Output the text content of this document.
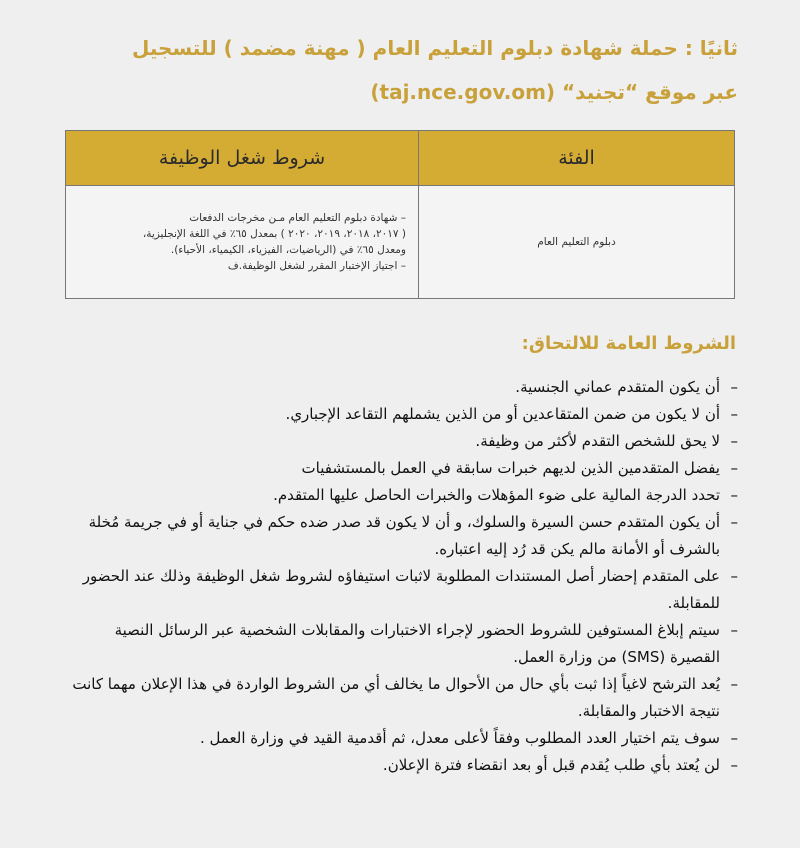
ثانيًا : حملة شهادة دبلوم التعليم العام ( مهنة مضمد ) للتسجيل
عبر موقع “تجنيد“ (taj.nce.gov.om)
الفئة	شروط شغل الوظيفة
دبلوم التعليم العام	– شهادة دبلوم التعليم العام مـن مخرجات الدفعات
( ٢٠١٧، ٢٠١٨، ٢٠١٩، ٢٠٢٠ ) بمعدل ٦٥٪ في اللغة الإنجليزية،
ومعدل ٦٥٪ في (الرياضيات، الفيزياء، الكيمياء، الأحياء).
– اجتياز الإختبار المقرر لشغل الوظيفة.ف
الشروط العامة للالتحاق:
– أن يكون المتقدم عماني الجنسية.
– أن لا يكون من ضمن المتقاعدين أو من الذين يشملهم التقاعد الإجباري.
– لا يحق للشخص التقدم لأكثر من وظيفة.
– يفضل المتقدمين الذين لديهم خبرات سابقة في العمل بالمستشفيات
– تحدد الدرجة المالية على ضوء المؤهلات والخبرات الحاصل عليها المتقدم.
– أن يكون المتقدم حسن السيرة والسلوك، و أن لا يكون قد صدر ضده حكم في جناية أو في جريمة مُخلة بالشرف أو الأمانة مالم يكن قد رُد إليه اعتباره.
– على المتقدم إحضار أصل المستندات المطلوبة لاثبات استيفاؤه لشروط شغل الوظيفة وذلك عند الحضور للمقابلة.
– سيتم إبلاغ المستوفين للشروط الحضور لإجراء الاختبارات والمقابلات الشخصية عبر الرسائل النصية القصيرة (SMS) من وزارة العمل.
– يُعد الترشح لاغياً إذا ثبت بأي حال من الأحوال ما يخالف أي من الشروط الواردة في هذا الإعلان مهما كانت نتيجة الاختبار والمقابلة.
– سوف يتم اختيار العدد المطلوب وفقاً لأعلى معدل، ثم أقدمية القيد في وزارة العمل .
– لن يُعتد بأي طلب يُقدم قبل أو بعد انقضاء فترة الإعلان.
